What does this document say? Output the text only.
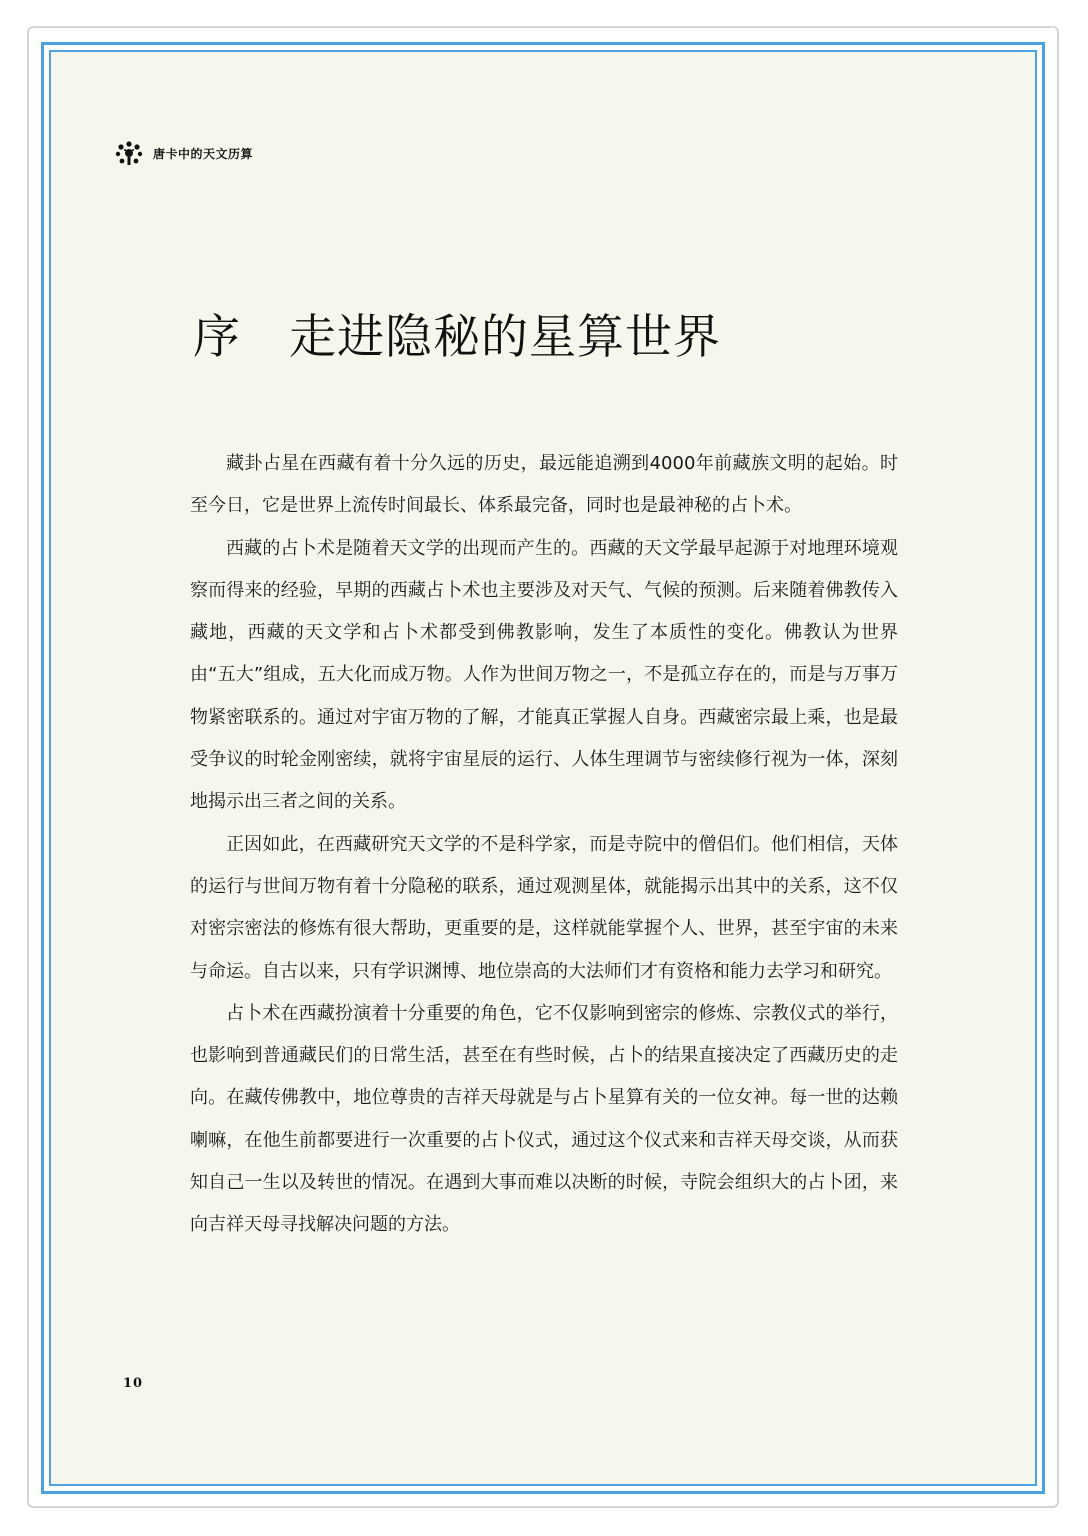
唐卡中的天文历算
序　走进隐秘的星算世界

藏卦占星在西藏有着十分久远的历史，最远能追溯到4000年前藏族文明的起始。时至今日，它是世界上流传时间最长、体系最完备，同时也是最神秘的占卜术。

西藏的占卜术是随着天文学的出现而产生的。西藏的天文学最早起源于对地理环境观察而得来的经验，早期的西藏占卜术也主要涉及对天气、气候的预测。后来随着佛教传入藏地，西藏的天文学和占卜术都受到佛教影响，发生了本质性的变化。佛教认为世界由“五大”组成，五大化而成万物。人作为世间万物之一，不是孤立存在的，而是与万事万物紧密联系的。通过对宇宙万物的了解，才能真正掌握人自身。西藏密宗最上乘，也是最受争议的时轮金刚密续，就将宇宙星辰的运行、人体生理调节与密续修行视为一体，深刻地揭示出三者之间的关系。

正因如此，在西藏研究天文学的不是科学家，而是寺院中的僧侣们。他们相信，天体的运行与世间万物有着十分隐秘的联系，通过观测星体，就能揭示出其中的关系，这不仅对密宗密法的修炼有很大帮助，更重要的是，这样就能掌握个人、世界，甚至宇宙的未来与命运。自古以来，只有学识渊博、地位崇高的大法师们才有资格和能力去学习和研究。

占卜术在西藏扮演着十分重要的角色，它不仅影响到密宗的修炼、宗教仪式的举行，也影响到普通藏民们的日常生活，甚至在有些时候，占卜的结果直接决定了西藏历史的走向。在藏传佛教中，地位尊贵的吉祥天母就是与占卜星算有关的一位女神。每一世的达赖喇嘛，在他生前都要进行一次重要的占卜仪式，通过这个仪式来和吉祥天母交谈，从而获知自己一生以及转世的情况。在遇到大事而难以决断的时候，寺院会组织大的占卜团，来向吉祥天母寻找解决问题的方法。

10
